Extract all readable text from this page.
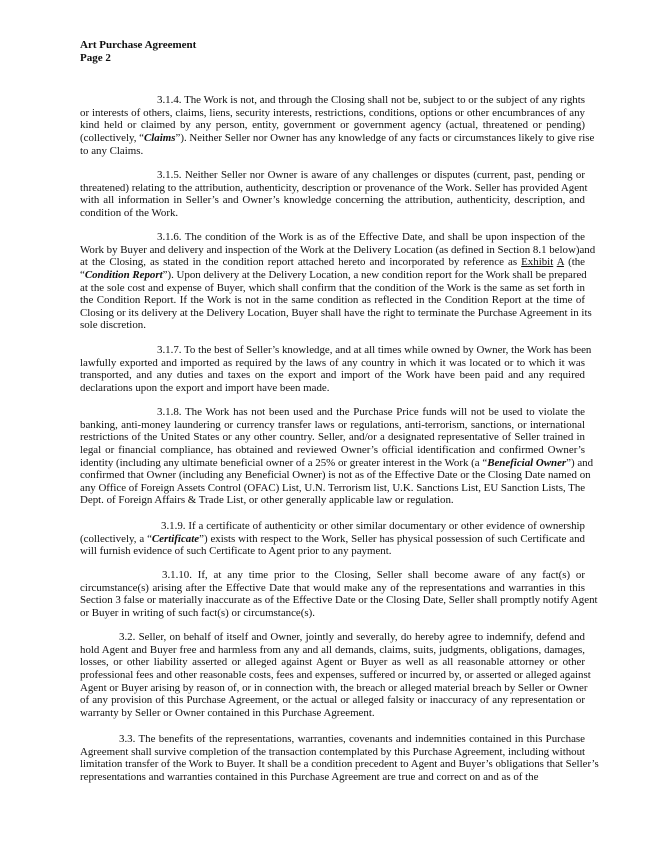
Art Purchase Agreement
Page 2
3.1.4. The Work is not, and through the Closing shall not be, subject to or the subject of any rights
or interests of others, claims, liens, security interests, restrictions, conditions, options or other encumbrances of any
kind held or claimed by any person, entity, government or government agency (actual, threatened or pending)
(collectively, “Claims”). Neither Seller nor Owner has any knowledge of any facts or circumstances likely to give rise
to any Claims.
3.1.5. Neither Seller nor Owner is aware of any challenges or disputes (current, past, pending or
threatened) relating to the attribution, authenticity, description or provenance of the Work. Seller has provided Agent
with all information in Seller’s and Owner’s knowledge concerning the attribution, authenticity, description, and
condition of the Work.
3.1.6. The condition of the Work is as of the Effective Date, and shall be upon inspection of the
Work by Buyer and delivery and inspection of the Work at the Delivery Location (as defined in Section 8.1 below)and
at the Closing, as stated in the condition report attached hereto and incorporated by reference as Exhibit A (the
“Condition Report”). Upon delivery at the Delivery Location, a new condition report for the Work shall be prepared
at the sole cost and expense of Buyer, which shall confirm that the condition of the Work is the same as set forth in
the Condition Report. If the Work is not in the same condition as reflected in the Condition Report at the time of
Closing or its delivery at the Delivery Location, Buyer shall have the right to terminate the Purchase Agreement in its
sole discretion.
3.1.7. To the best of Seller’s knowledge, and at all times while owned by Owner, the Work has been
lawfully exported and imported as required by the laws of any country in which it was located or to which it was
transported, and any duties and taxes on the export and import of the Work have been paid and any required
declarations upon the export and import have been made.
3.1.8. The Work has not been used and the Purchase Price funds will not be used to violate the
banking, anti-money laundering or currency transfer laws or regulations, anti-terrorism, sanctions, or international
restrictions of the United States or any other country. Seller, and/or a designated representative of Seller trained in
legal or financial compliance, has obtained and reviewed Owner’s official identification and confirmed Owner’s
identity (including any ultimate beneficial owner of a 25% or greater interest in the Work (a “Beneficial Owner”) and
confirmed that Owner (including any Beneficial Owner) is not as of the Effective Date or the Closing Date named on
any Office of Foreign Assets Control (OFAC) List, U.N. Terrorism list, U.K. Sanctions List, EU Sanction Lists, The
Dept. of Foreign Affairs & Trade List, or other generally applicable law or regulation.
3.1.9. If a certificate of authenticity or other similar documentary or other evidence of ownership
(collectively, a “Certificate”) exists with respect to the Work, Seller has physical possession of such Certificate and
will furnish evidence of such Certificate to Agent prior to any payment.
3.1.10. If, at any time prior to the Closing, Seller shall become aware of any fact(s) or
circumstance(s) arising after the Effective Date that would make any of the representations and warranties in this
Section 3 false or materially inaccurate as of the Effective Date or the Closing Date, Seller shall promptly notify Agent
or Buyer in writing of such fact(s) or circumstance(s).
3.2. Seller, on behalf of itself and Owner, jointly and severally, do hereby agree to indemnify, defend and
hold Agent and Buyer free and harmless from any and all demands, claims, suits, judgments, obligations, damages,
losses, or other liability asserted or alleged against Agent or Buyer as well as all reasonable attorney or other
professional fees and other reasonable costs, fees and expenses, suffered or incurred by, or asserted or alleged against
Agent or Buyer arising by reason of, or in connection with, the breach or alleged material breach by Seller or Owner
of any provision of this Purchase Agreement, or the actual or alleged falsity or inaccuracy of any representation or
warranty by Seller or Owner contained in this Purchase Agreement.
3.3. The benefits of the representations, warranties, covenants and indemnities contained in this Purchase
Agreement shall survive completion of the transaction contemplated by this Purchase Agreement, including without
limitation transfer of the Work to Buyer. It shall be a condition precedent to Agent and Buyer’s obligations that Seller’s
representations and warranties contained in this Purchase Agreement are true and correct on and as of the
